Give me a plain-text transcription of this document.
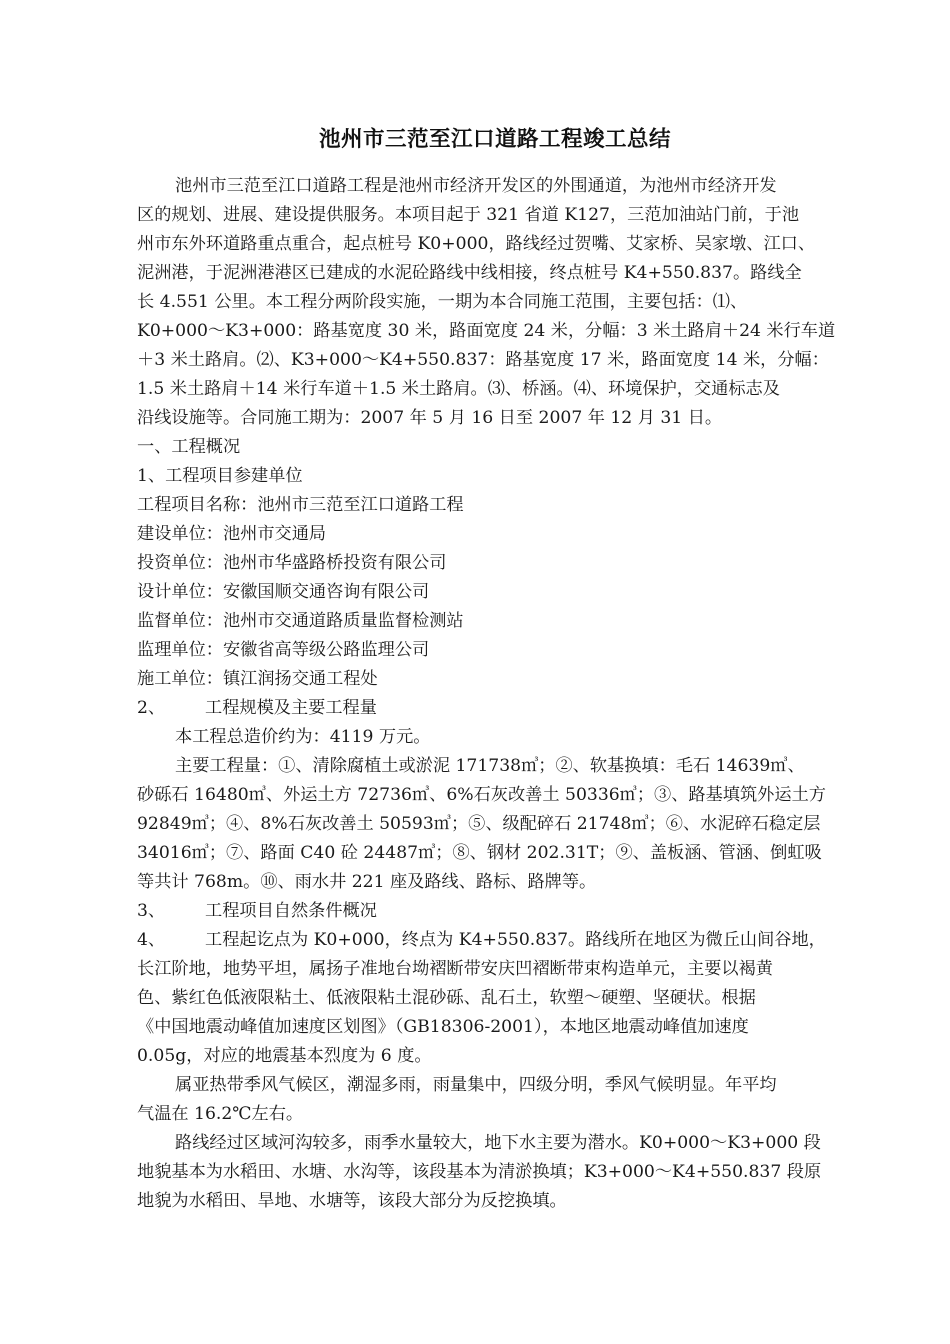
池州市三范至江口道路工程竣工总结
池州市三范至江口道路工程是池州市经济开发区的外围通道，为池州市经济开发
区的规划、进展、建设提供服务。本项目起于 321 省道 K127，三范加油站门前，于池
州市东外环道路重点重合，起点桩号 K0+000，路线经过贺嘴、艾家桥、吴家墩、江口、
泥洲港，于泥洲港港区已建成的水泥砼路线中线相接，终点桩号 K4+550.837。路线全
长 4.551 公里。本工程分两阶段实施，一期为本合同施工范围，主要包括：⑴、
K0+000～K3+000：路基宽度 30 米，路面宽度 24 米，分幅：3 米土路肩＋24 米行车道
＋3 米土路肩。⑵、K3+000～K4+550.837：路基宽度 17 米，路面宽度 14 米，分幅：
1.5 米土路肩＋14 米行车道＋1.5 米土路肩。⑶、桥涵。⑷、环境保护，交通标志及
沿线设施等。合同施工期为：2007 年 5 月 16 日至 2007 年 12 月 31 日。
一、工程概况
1、工程项目参建单位
工程项目名称：池州市三范至江口道路工程
建设单位：池州市交通局
投资单位：池州市华盛路桥投资有限公司
设计单位：安徽国顺交通咨询有限公司
监督单位：池州市交通道路质量监督检测站
监理单位：安徽省高等级公路监理公司
施工单位：镇江润扬交通工程处
2、 工程规模及主要工程量
本工程总造价约为：4119 万元。
主要工程量：①、清除腐植土或淤泥 171738㎥；②、软基换填：毛石 14639㎥、
砂砾石 16480㎥、外运土方 72736㎥、6%石灰改善土 50336㎥；③、路基填筑外运土方
92849㎥；④、8%石灰改善土 50593㎥；⑤、级配碎石 21748㎥；⑥、水泥碎石稳定层
34016㎥；⑦、路面 C40 砼 24487㎥；⑧、钢材 202.31T；⑨、盖板涵、管涵、倒虹吸
等共计 768m。⑩、雨水井 221 座及路线、路标、路牌等。
3、 工程项目自然条件概况
4、 工程起讫点为 K0+000，终点为 K4+550.837。路线所在地区为微丘山间谷地，
长江阶地，地势平坦，属扬子准地台坳褶断带安庆凹褶断带束构造单元，主要以褐黄
色、紫红色低液限粘土、低液限粘土混砂砾、乱石土，软塑～硬塑、坚硬状。根据
《中国地震动峰值加速度区划图》（GB18306-2001），本地区地震动峰值加速度
0.05g，对应的地震基本烈度为 6 度。
属亚热带季风气候区，潮湿多雨，雨量集中，四级分明，季风气候明显。年平均
气温在 16.2℃左右。
路线经过区域河沟较多，雨季水量较大，地下水主要为潜水。K0+000～K3+000 段
地貌基本为水稻田、水塘、水沟等，该段基本为清淤换填；K3+000～K4+550.837 段原
地貌为水稻田、旱地、水塘等，该段大部分为反挖换填。
